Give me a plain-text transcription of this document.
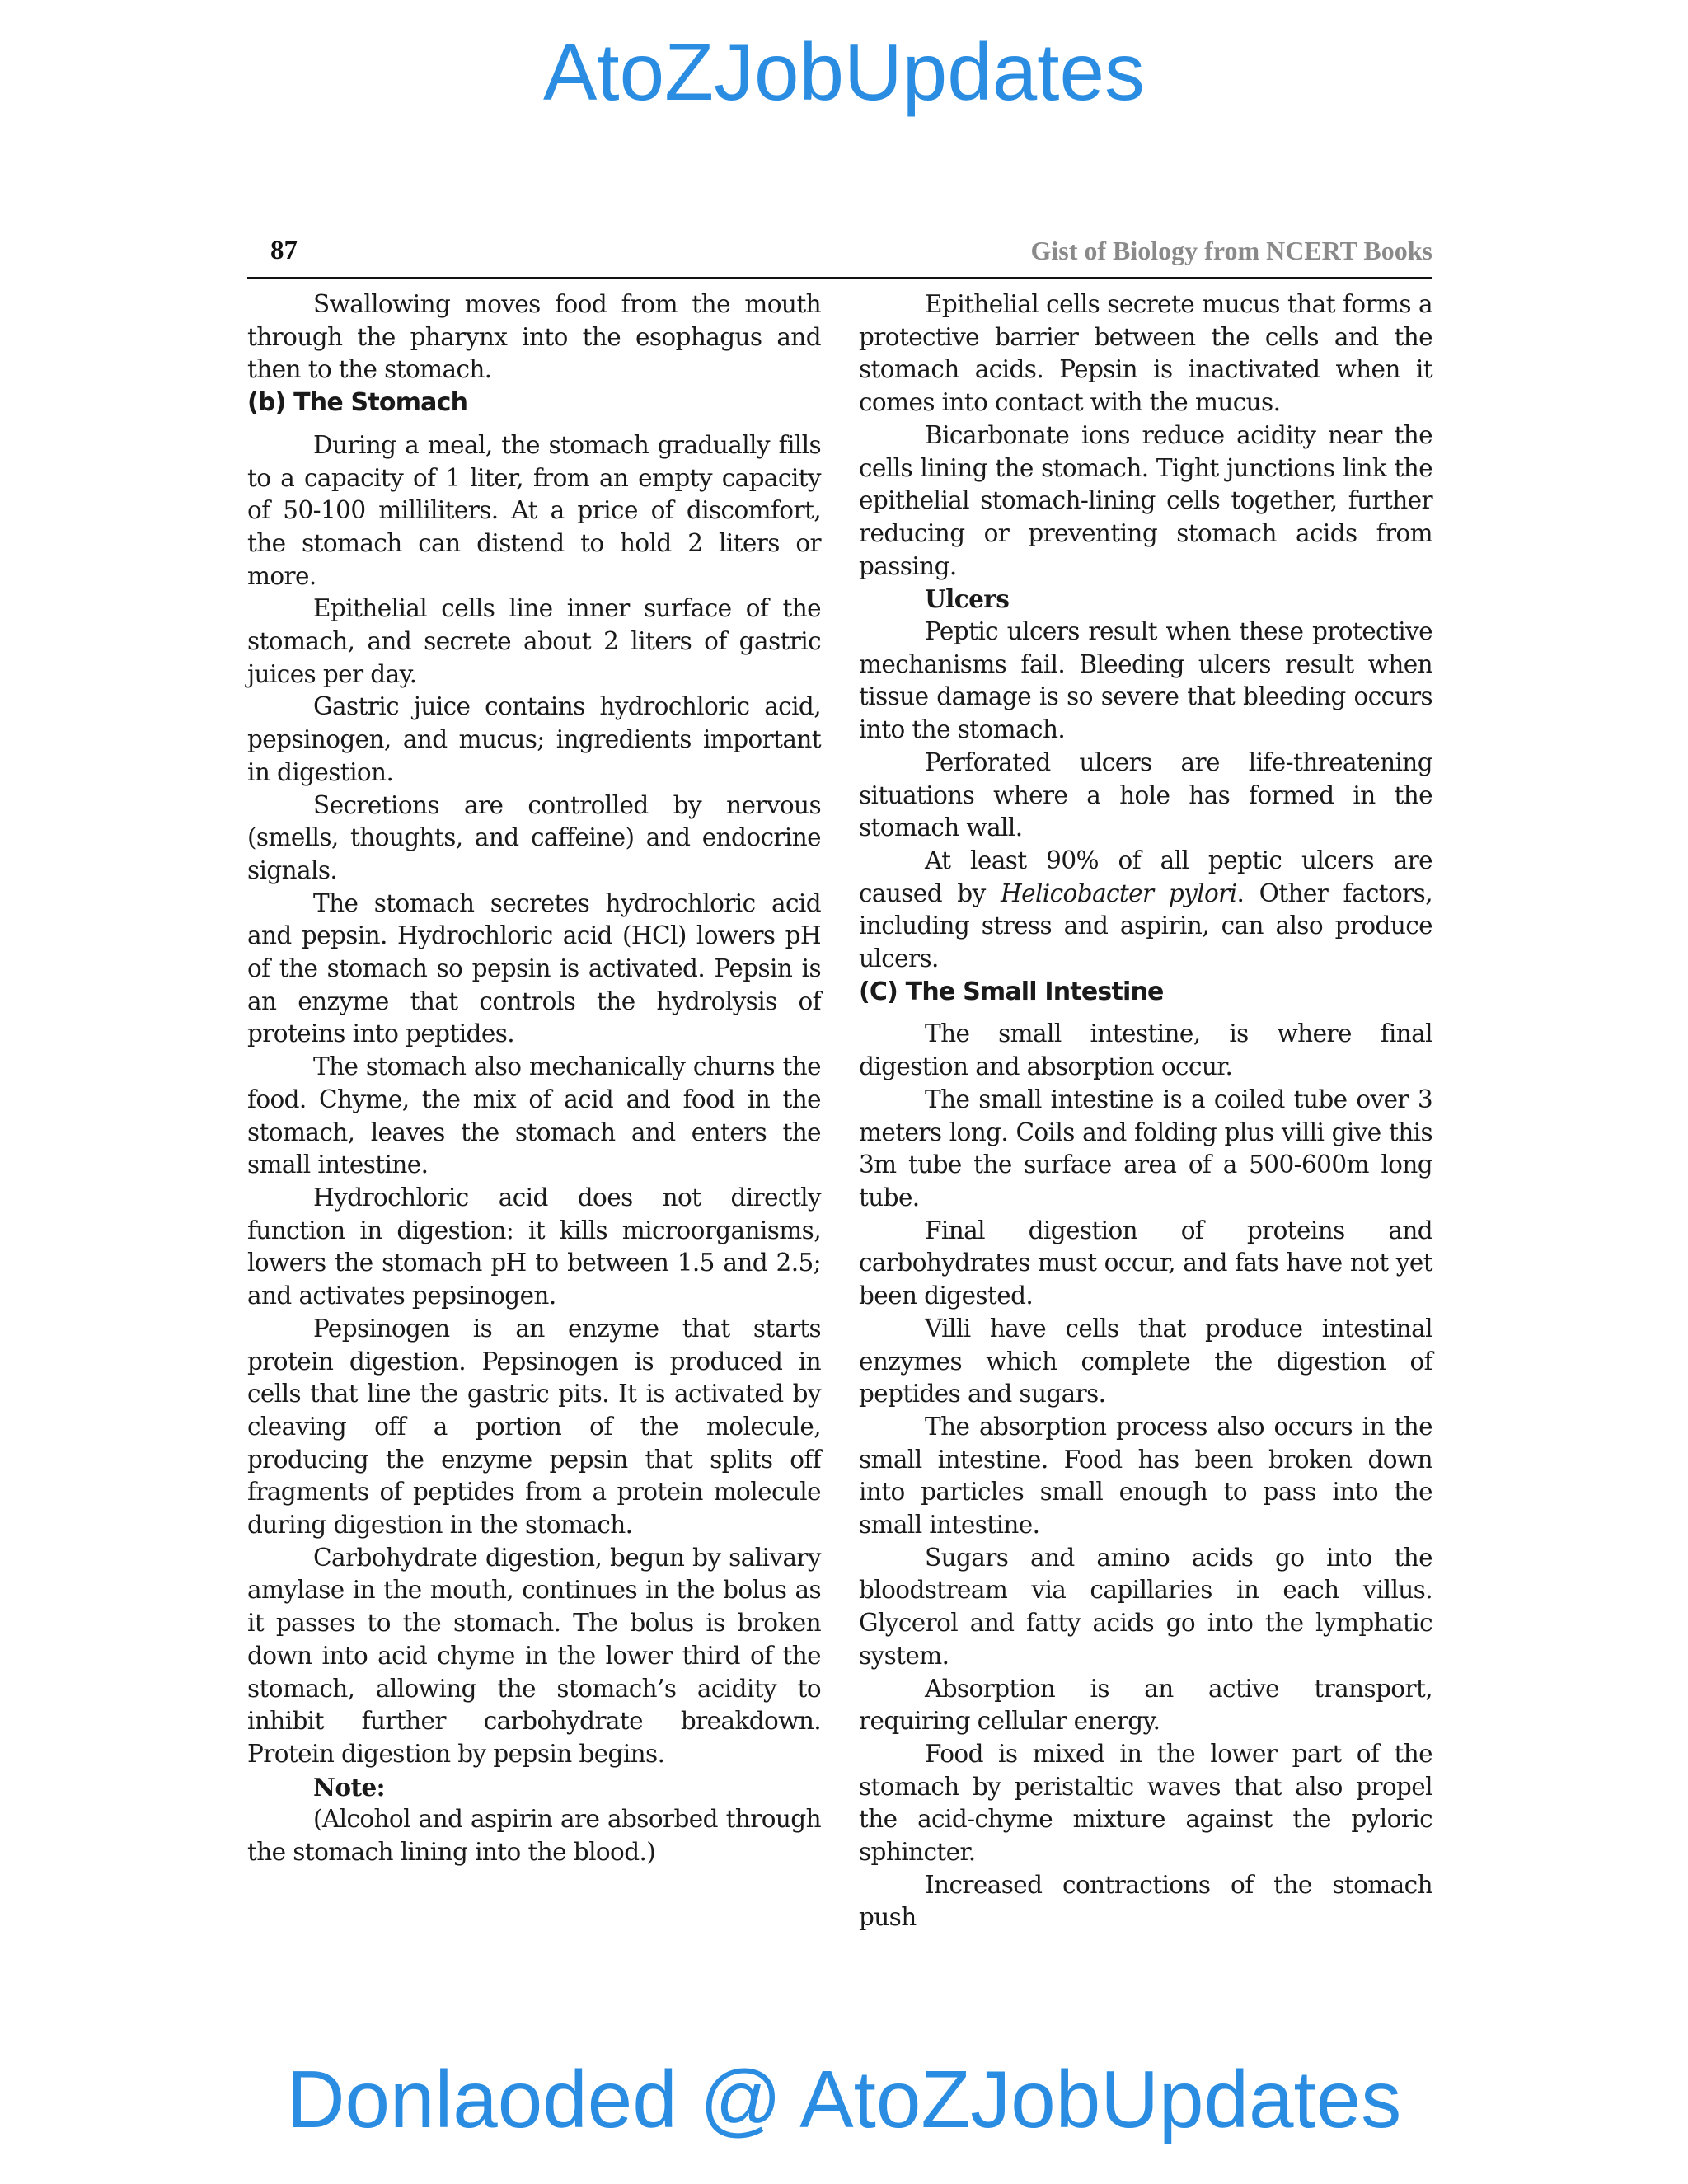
AtoZJobUpdates
87	Gist of Biology from NCERT Books

Swallowing moves food from the mouth through the pharynx into the esophagus and then to the stomach.

(b) The Stomach

During a meal, the stomach gradually fills to a capacity of 1 liter, from an empty capacity of 50-100 milliliters. At a price of discomfort, the stomach can distend to hold 2 liters or more.

Epithelial cells line inner surface of the stomach, and secrete about 2 liters of gastric juices per day.

Gastric juice contains hydrochloric acid, pepsinogen, and mucus; ingredients important in digestion.

Secretions are controlled by nervous (smells, thoughts, and caffeine) and endocrine signals.

The stomach secretes hydrochloric acid and pepsin. Hydrochloric acid (HCl) lowers pH of the stomach so pepsin is activated. Pepsin is an enzyme that controls the hydrolysis of proteins into peptides.

The stomach also mechanically churns the food. Chyme, the mix of acid and food in the stomach, leaves the stomach and enters the small intestine.

Hydrochloric acid does not directly function in digestion: it kills microorganisms, lowers the stomach pH to between 1.5 and 2.5; and activates pepsinogen.

Pepsinogen is an enzyme that starts protein digestion. Pepsinogen is produced in cells that line the gastric pits. It is activated by cleaving off a portion of the molecule, producing the enzyme pepsin that splits off fragments of peptides from a protein molecule during digestion in the stomach.

Carbohydrate digestion, begun by salivary amylase in the mouth, continues in the bolus as it passes to the stomach. The bolus is broken down into acid chyme in the lower third of the stomach, allowing the stomach’s acidity to inhibit further carbohydrate breakdown. Protein digestion by pepsin begins.

Note:

(Alcohol and aspirin are absorbed through the stomach lining into the blood.)

Epithelial cells secrete mucus that forms a protective barrier between the cells and the stomach acids. Pepsin is inactivated when it comes into contact with the mucus.

Bicarbonate ions reduce acidity near the cells lining the stomach. Tight junctions link the epithelial stomach-lining cells together, further reducing or preventing stomach acids from passing.

Ulcers

Peptic ulcers result when these protective mechanisms fail. Bleeding ulcers result when tissue damage is so severe that bleeding occurs into the stomach.

Perforated ulcers are life-threatening situations where a hole has formed in the stomach wall.

At least 90% of all peptic ulcers are caused by Helicobacter pylori. Other factors, including stress and aspirin, can also produce ulcers.

(C) The Small Intestine

The small intestine, is where final digestion and absorption occur.

The small intestine is a coiled tube over 3 meters long. Coils and folding plus villi give this 3m tube the surface area of a 500-600m long tube.

Final digestion of proteins and carbohydrates must occur, and fats have not yet been digested.

Villi have cells that produce intestinal enzymes which complete the digestion of peptides and sugars.

The absorption process also occurs in the small intestine. Food has been broken down into particles small enough to pass into the small intestine.

Sugars and amino acids go into the bloodstream via capillaries in each villus. Glycerol and fatty acids go into the lymphatic system.

Absorption is an active transport, requiring cellular energy.

Food is mixed in the lower part of the stomach by peristaltic waves that also propel the acid-chyme mixture against the pyloric sphincter.

Increased contractions of the stomach push

Donlaoded @ AtoZJobUpdates
